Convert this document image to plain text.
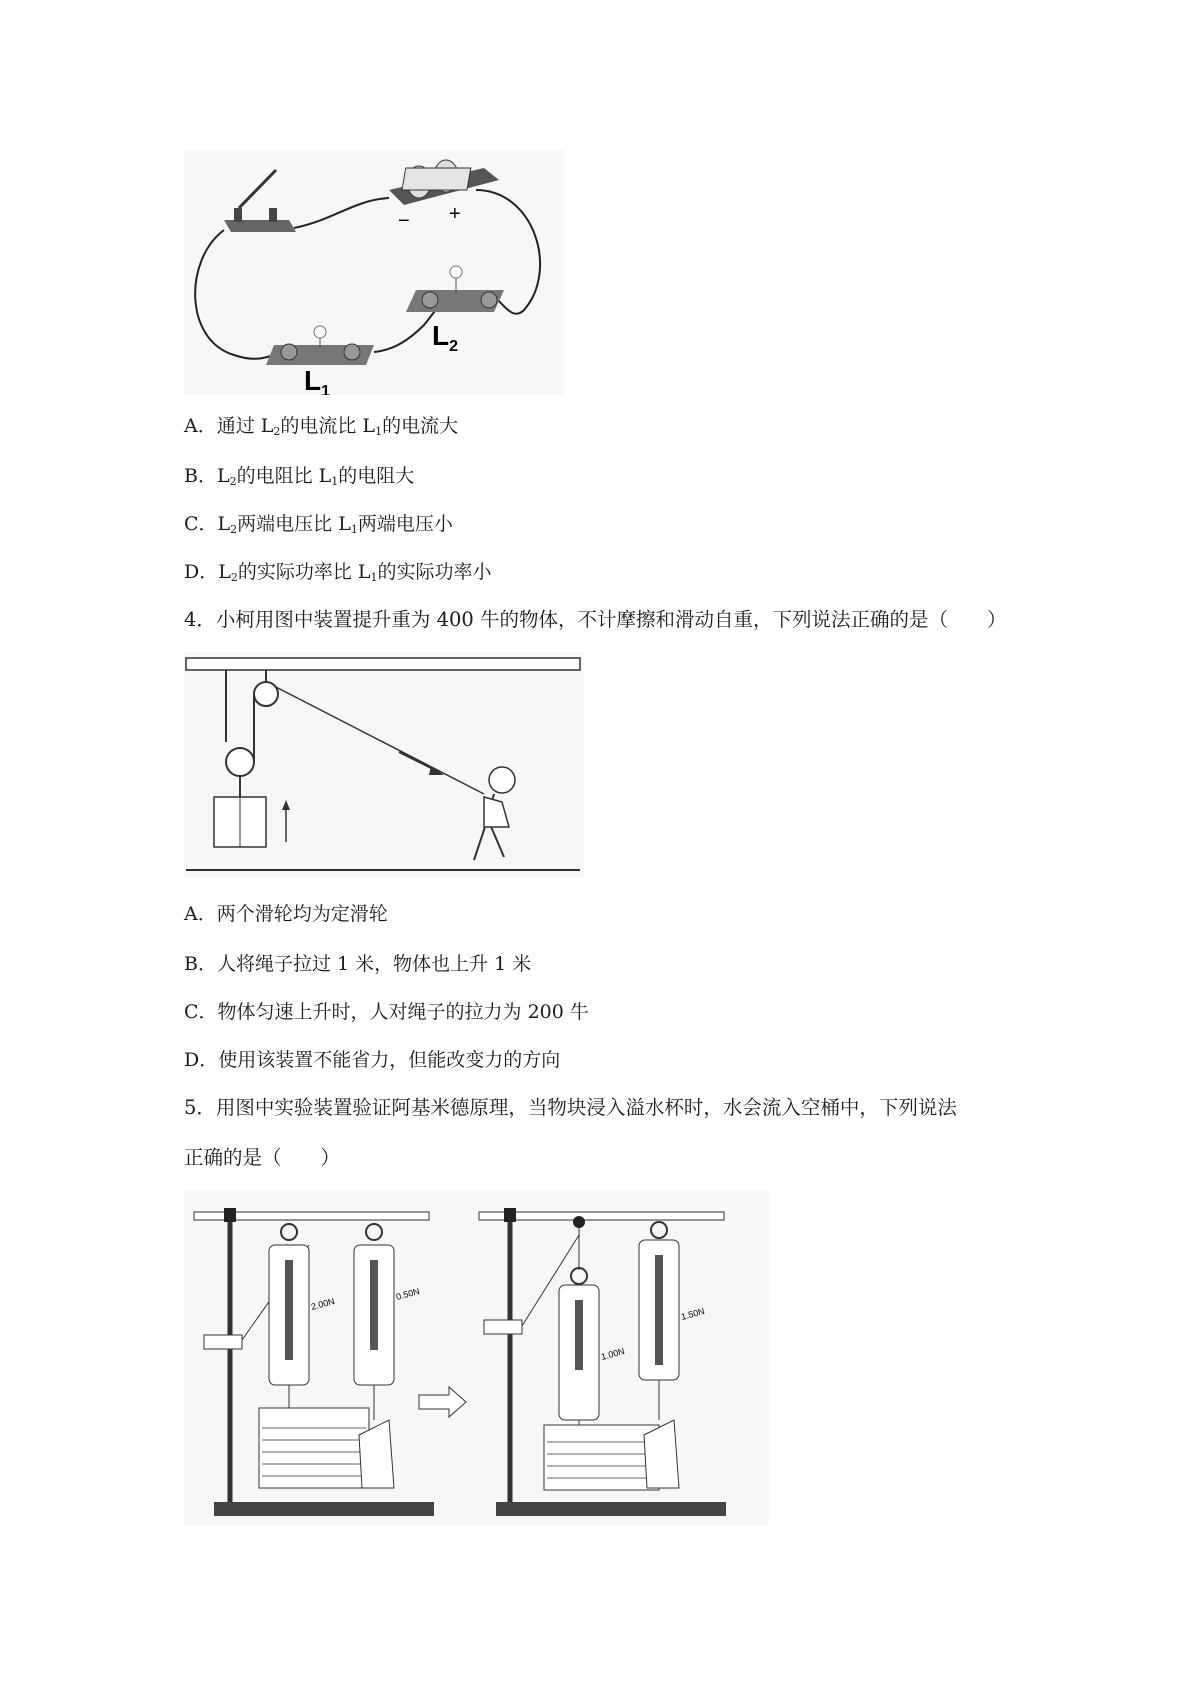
− +
$L_1$
$L_2$
A．通过 $L_2$的电流比 $L_1$的电流大
B．$L_2$的电阻比 $L_1$的电阻大
C．$L_2$两端电压比 $L_1$两端电压小
D．$L_2$的实际功率比 $L_1$的实际功率小
4．小柯用图中装置提升重为 400 牛的物体，不计摩擦和滑动自重，下列说法正确的是（　　）
A．两个滑轮均为定滑轮
B．人将绳子拉过 1 米，物体也上升 1 米
C．物体匀速上升时，人对绳子的拉力为 200 牛
D．使用该装置不能省力，但能改变力的方向
5．用图中实验装置验证阿基米德原理，当物块浸入溢水杯时，水会流入空桶中，下列说法
正确的是（　　）
2.00N
0.50N
1.00N
1.50N
